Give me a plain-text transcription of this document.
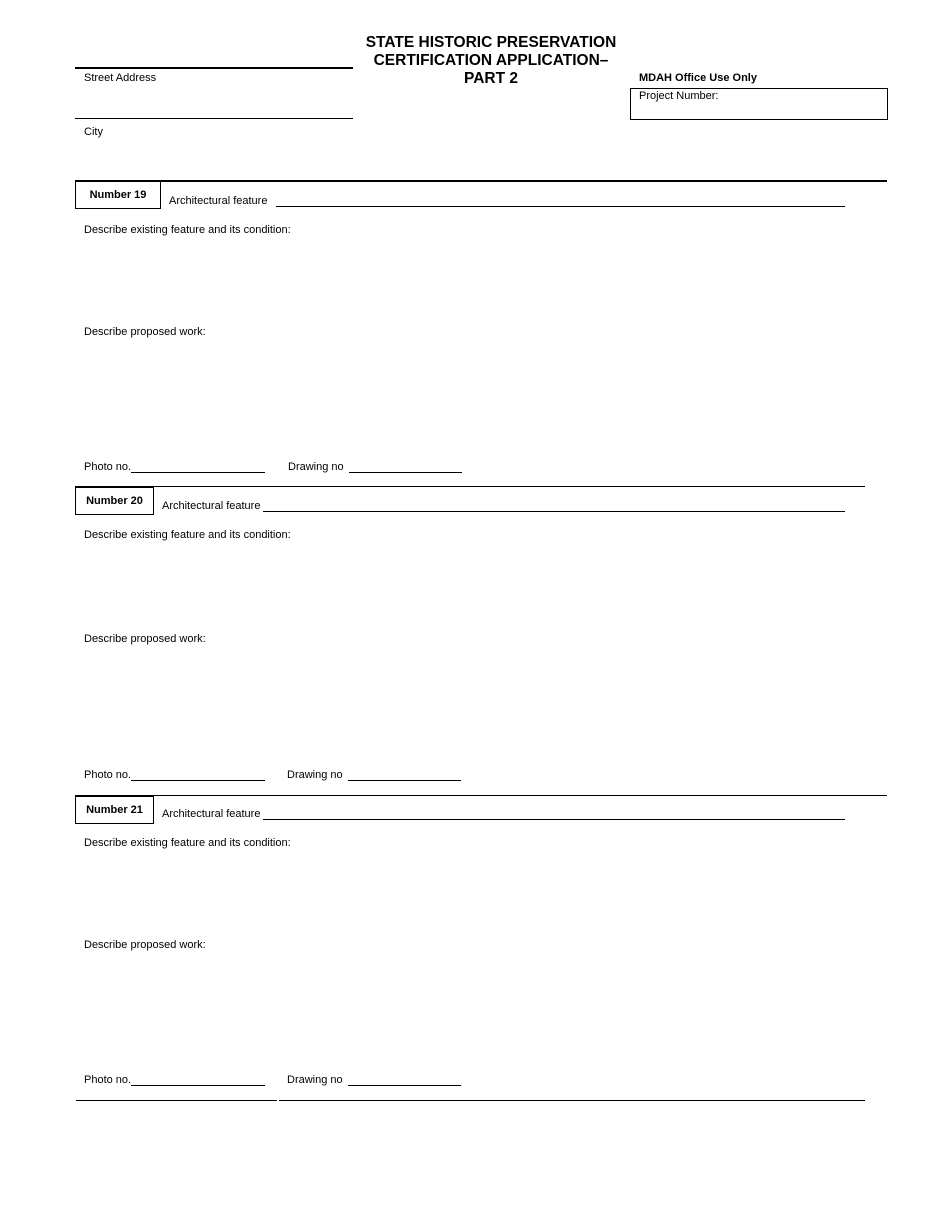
STATE HISTORIC PRESERVATION
CERTIFICATION APPLICATION–
PART 2
Street Address
City
MDAH Office Use Only
Project Number:
Number 19	Architectural feature
Describe existing feature and its condition:
Describe proposed work:
Photo no.	Drawing no
Number 20	Architectural feature
Describe existing feature and its condition:
Describe proposed work:
Photo no.	Drawing no
Number 21	Architectural feature
Describe existing feature and its condition:
Describe proposed work:
Photo no.	Drawing no
